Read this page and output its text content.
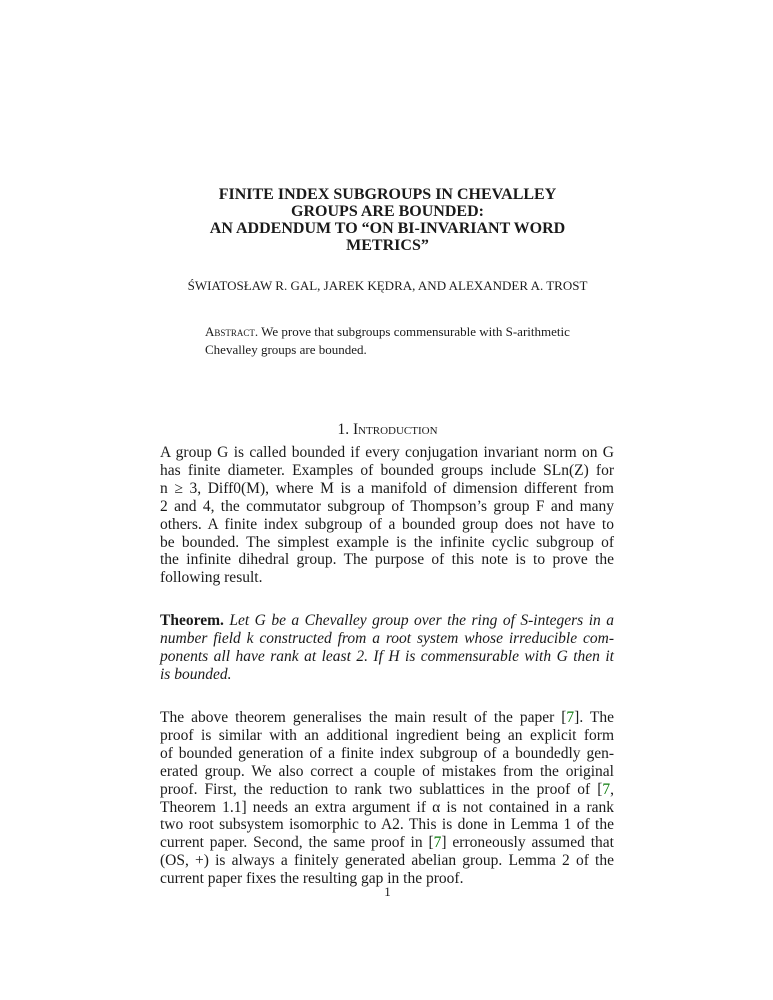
FINITE INDEX SUBGROUPS IN CHEVALLEY
GROUPS ARE BOUNDED:
AN ADDENDUM TO “ON BI-INVARIANT WORD
METRICS”
ŚWIATOSŁAW R. GAL, JAREK KĘDRA, AND ALEXANDER A. TROST
Abstract. We prove that subgroups commensurable with S-arithmetic
Chevalley groups are bounded.
1. Introduction
A group G is called bounded if every conjugation invariant norm on G
has finite diameter. Examples of bounded groups include SLn(Z) for
n ≥ 3, Diff0(M), where M is a manifold of dimension different from
2 and 4, the commutator subgroup of Thompson’s group F and many
others. A finite index subgroup of a bounded group does not have to
be bounded. The simplest example is the infinite cyclic subgroup of
the infinite dihedral group. The purpose of this note is to prove the
following result.
Theorem. Let G be a Chevalley group over the ring of S-integers in a
number field k constructed from a root system whose irreducible com-
ponents all have rank at least 2. If H is commensurable with G then it
is bounded.
The above theorem generalises the main result of the paper [7]. The
proof is similar with an additional ingredient being an explicit form
of bounded generation of a finite index subgroup of a boundedly gen-
erated group. We also correct a couple of mistakes from the original
proof. First, the reduction to rank two sublattices in the proof of [7,
Theorem 1.1] needs an extra argument if α is not contained in a rank
two root subsystem isomorphic to A2. This is done in Lemma 1 of the
current paper. Second, the same proof in [7] erroneously assumed that
(OS, +) is always a finitely generated abelian group. Lemma 2 of the
current paper fixes the resulting gap in the proof.
1
